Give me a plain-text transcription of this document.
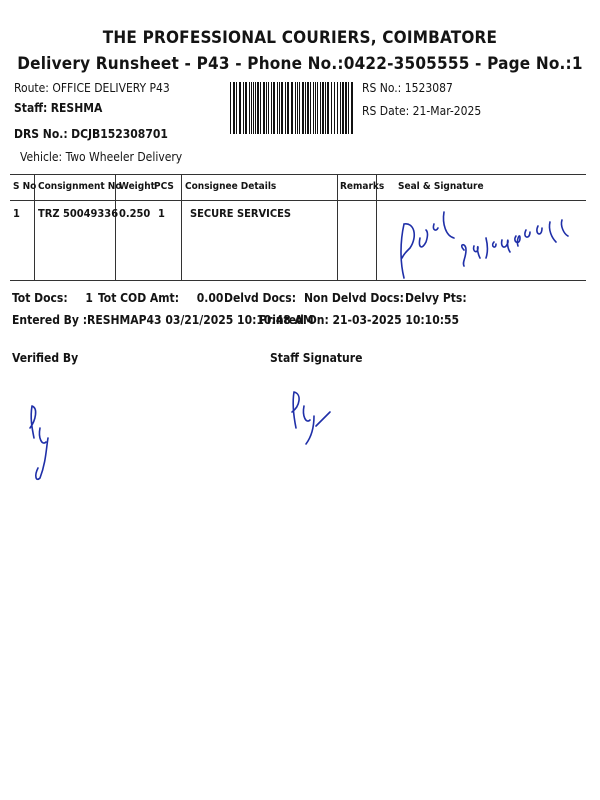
THE PROFESSIONAL COURIERS, COIMBATORE
Delivery Runsheet - P43 - Phone No.:0422-3505555 - Page No.:1
Route: OFFICE DELIVERY P43
Staff: RESHMA
DRS No.: DCJB152308701
Vehicle: Two Wheeler Delivery
RS No.: 1523087
RS Date: 21-Mar-2025
S No Consignment No
Weight PCS Consignee Details	Remarks Seal & Signature
1 TRZ 50049336 0.250 1 SECURE SERVICES
Tot Docs: 1 Tot COD Amt: 0.00 Delvd Docs: Non Delvd Docs: Delvy Pts:
Entered By :RESHMAP43 03/21/2025 10:10:48 AM
Printed On: 21-03-2025 10:10:55
Verified By	Staff Signature
